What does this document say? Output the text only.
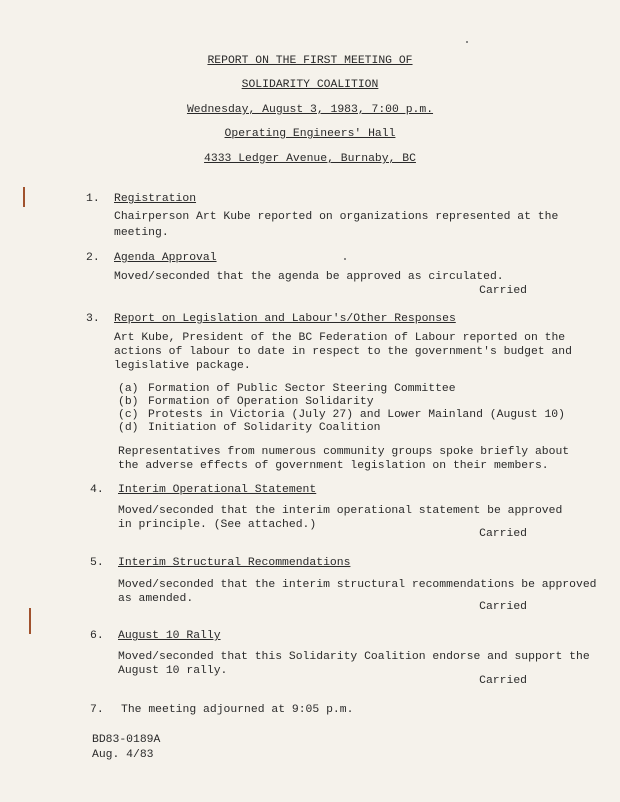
REPORT ON THE FIRST MEETING OF
SOLIDARITY COALITION
Wednesday, August 3, 1983, 7:00 p.m.
Operating Engineers' Hall
4333 Ledger Avenue, Burnaby, BC
1. Registration
Chairperson Art Kube reported on organizations represented at the
meeting.
2. Agenda Approval
Moved/seconded that the agenda be approved as circulated.
Carried
3. Report on Legislation and Labour's/Other Responses
Art Kube, President of the BC Federation of Labour reported on the
actions of labour to date in respect to the government's budget and
legislative package.
(a) Formation of Public Sector Steering Committee
(b) Formation of Operation Solidarity
(c) Protests in Victoria (July 27) and Lower Mainland (August 10)
(d) Initiation of Solidarity Coalition
Representatives from numerous community groups spoke briefly about
the adverse effects of government legislation on their members.
4. Interim Operational Statement
Moved/seconded that the interim operational statement be approved
in principle. (See attached.)
Carried
5. Interim Structural Recommendations
Moved/seconded that the interim structural recommendations be approved
as amended.
Carried
6. August 10 Rally
Moved/seconded that this Solidarity Coalition endorse and support the
August 10 rally.
Carried
7. The meeting adjourned at 9:05 p.m.
BD83-0189A
Aug. 4/83
